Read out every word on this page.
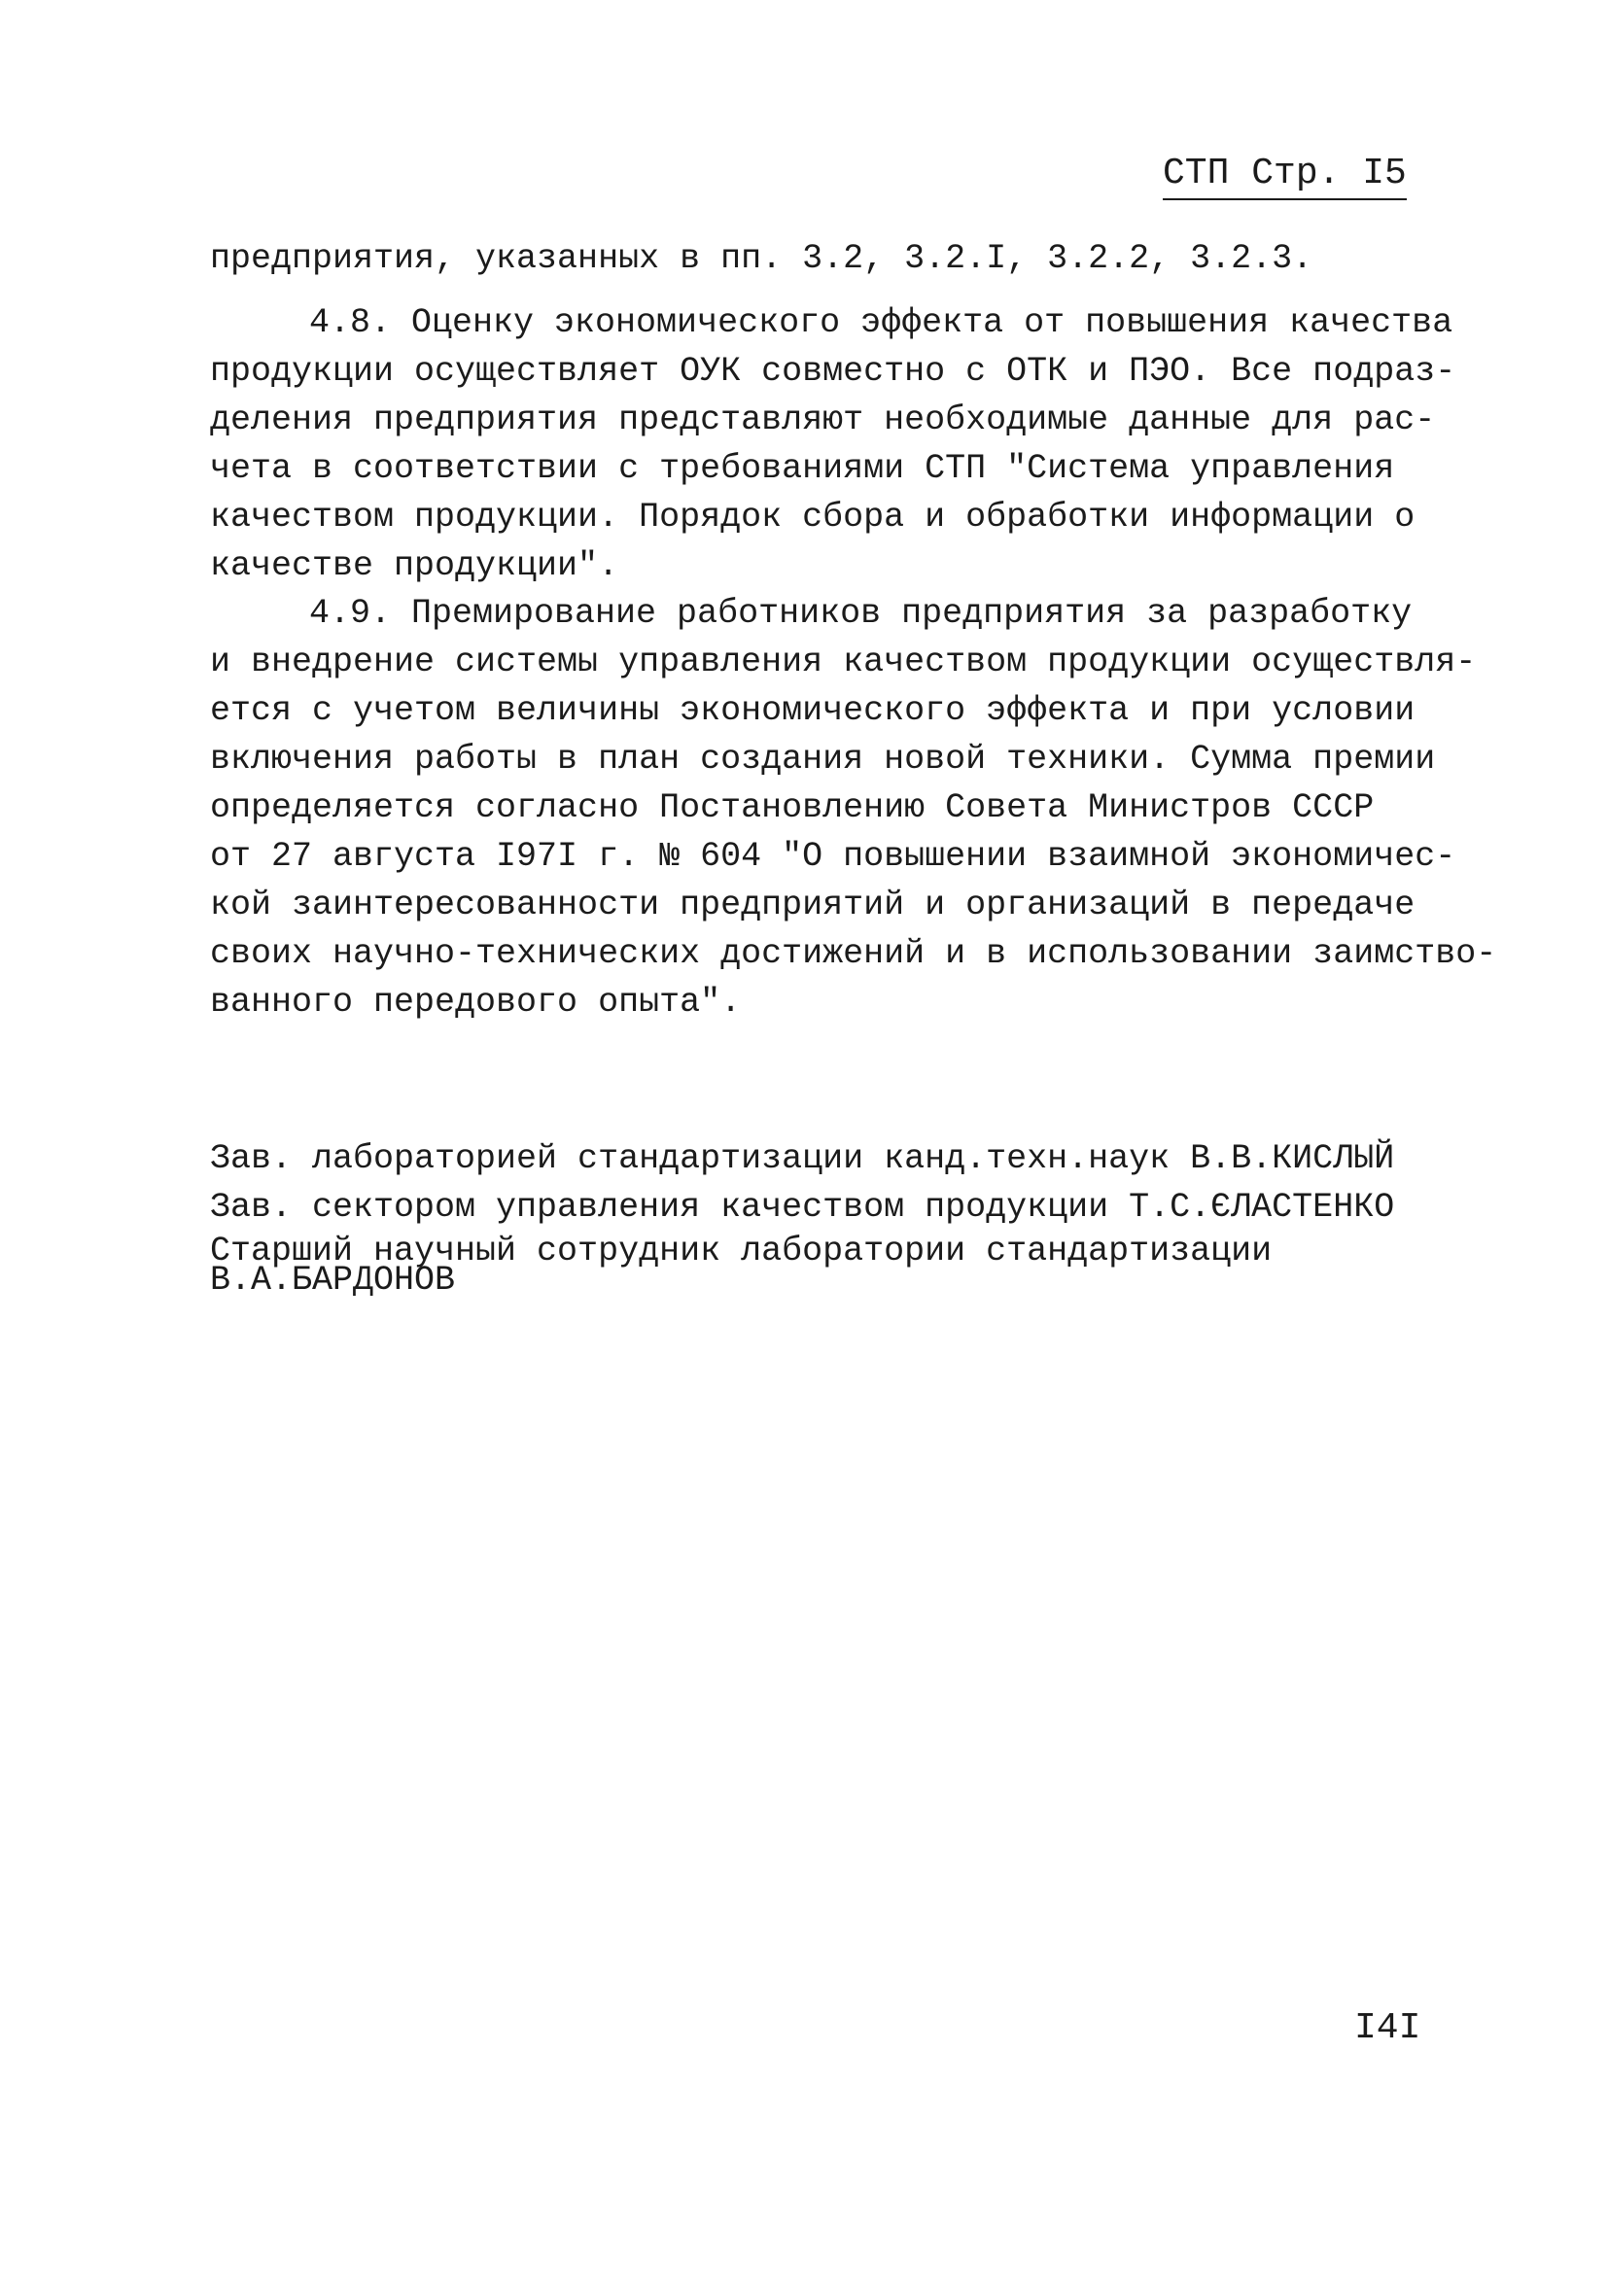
СТП Стр. I5
предприятия, указанных в пп. 3.2, 3.2.I, 3.2.2, 3.2.3.
4.8. Оценку экономического эффекта от повышения качества
продукции осуществляет ОУК совместно с ОТК и ПЭО. Все подраз-
деления предприятия представляют необходимые данные для рас-
чета в соответствии с требованиями СТП "Система управления
качеством продукции. Порядок сбора и обработки информации о
качестве продукции".
4.9. Премирование работников предприятия за разработку
и внедрение системы управления качеством продукции осуществля-
ется с учетом величины экономического эффекта и при условии
включения работы в план создания новой техники. Сумма премии
определяется согласно Постановлению Совета Министров СССР
от 27 августа I97I г. № 604 "О повышении взаимной экономичес-
кой заинтересованности предприятий и организаций в передаче
своих научно-технических достижений и в использовании заимство-
ванного передового опыта".
Зав. лабораторией стандартизации канд.техн.наук В.В.КИСЛЫЙ
Зав. сектором управления качеством продукции Т.С.ЄЛАСТЕНКО
Старший научный сотрудник лаборатории стандартизации
В.А.БАРДОНОВ
I4I
